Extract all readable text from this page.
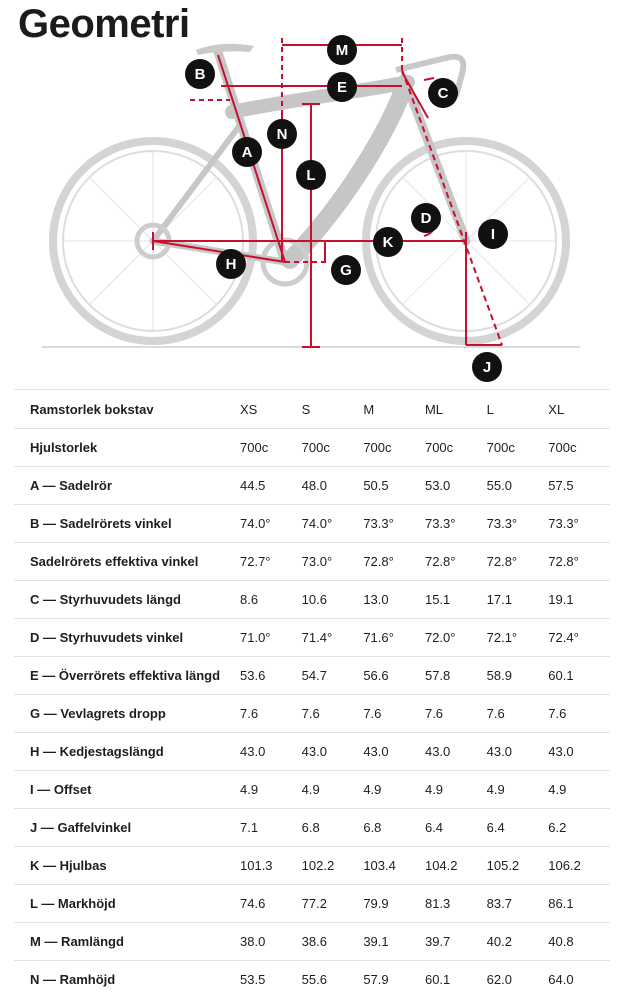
Geometri
B
M
E	C
N
A
L
D
I
K
H	G
J
Ramstorlek bokstav	XS	S	M	ML	L	XL
Hjulstorlek	700c	700c	700c	700c	700c	700c
A — Sadelrör	44.5	48.0	50.5	53.0	55.0	57.5
B — Sadelrörets vinkel	74.0°	74.0°	73.3°	73.3°	73.3°	73.3°
Sadelrörets effektiva vinkel	72.7°	73.0°	72.8°	72.8°	72.8°	72.8°
C — Styrhuvudets längd	8.6	10.6	13.0	15.1	17.1	19.1
D — Styrhuvudets vinkel	71.0°	71.4°	71.6°	72.0°	72.1°	72.4°
E — Överrörets effektiva längd	53.6	54.7	56.6	57.8	58.9	60.1
G — Vevlagrets dropp	7.6	7.6	7.6	7.6	7.6	7.6
H — Kedjestagslängd	43.0	43.0	43.0	43.0	43.0	43.0
I — Offset	4.9	4.9	4.9	4.9	4.9	4.9
J — Gaffelvinkel	7.1	6.8	6.8	6.4	6.4	6.2
K — Hjulbas	101.3	102.2	103.4	104.2	105.2	106.2
L — Markhöjd	74.6	77.2	79.9	81.3	83.7	86.1
M — Ramlängd	38.0	38.6	39.1	39.7	40.2	40.8
N — Ramhöjd	53.5	55.6	57.9	60.1	62.0	64.0
